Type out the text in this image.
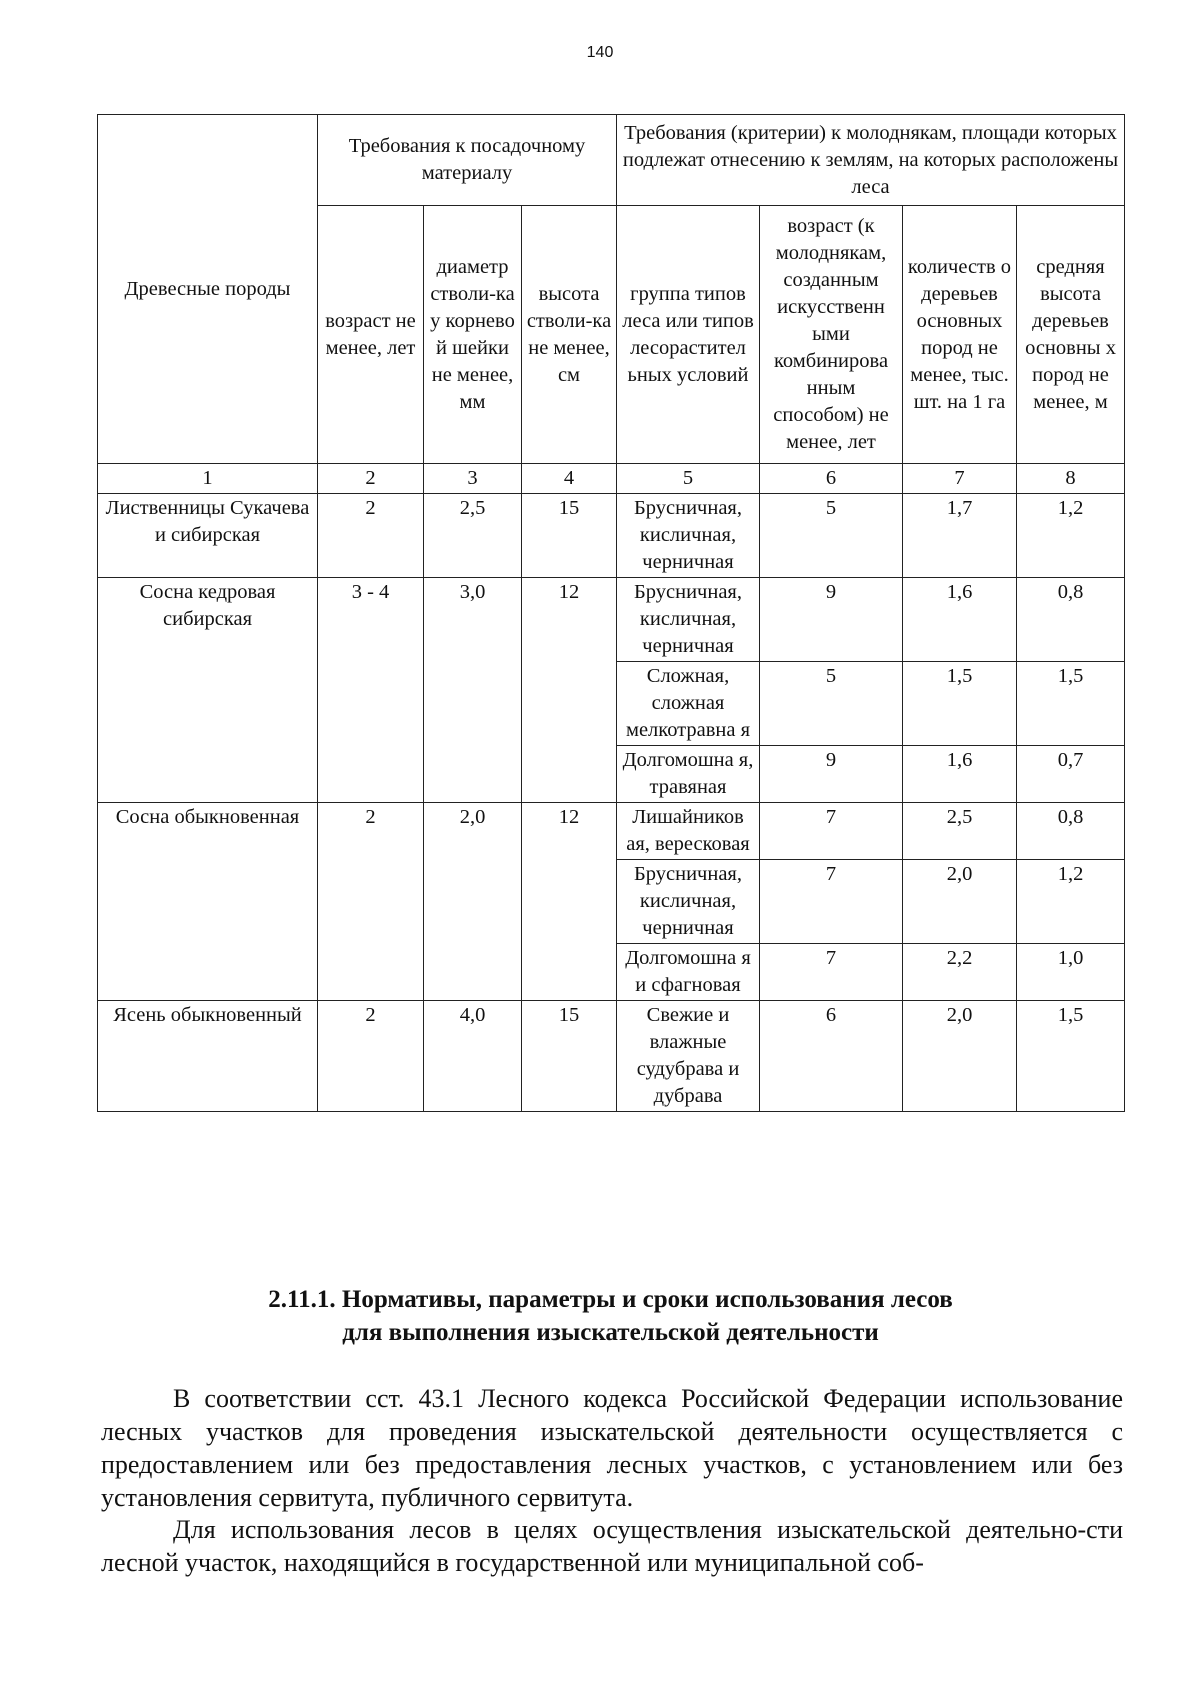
140
Древесные породы	Требования к посадочному материалу			Требования (критерии) к молоднякам, площади которых подлежат отнесению к землям, на которых расположены леса			
	возраст не менее, лет	диаметр стволи-ка у корнево й шейки не менее, мм	высота стволи-ка не менее, см	группа типов леса или типов лесорастител ьных условий	возраст (к молоднякам, созданным искусственн ыми комбинирова нным способом) не менее, лет	количеств о деревьев основных пород не менее, тыс. шт. на 1 га	средняя высота деревьев основны х пород не менее, м
1	2	3	4	5	6	7	8
Лиственницы Сукачева и сибирская	2	2,5	15	Брусничная, кисличная, черничная	5	1,7	1,2
Сосна кедровая сибирская	3 - 4	3,0	12	Брусничная, кисличная, черничная	9	1,6	0,8
				Сложная, сложная мелкотравна я	5	1,5	1,5
				Долгомошна я, травяная	9	1,6	0,7
Сосна обыкновенная	2	2,0	12	Лишайников ая, вересковая	7	2,5	0,8
				Брусничная, кисличная, черничная	7	2,0	1,2
				Долгомошна я и сфагновая	7	2,2	1,0
Ясень обыкновенный	2	4,0	15	Свежие и влажные судубрава и дубрава	6	2,0	1,5
2.11.1. Нормативы, параметры и сроки использования лесов
для выполнения изыскательской деятельности

В соответствии сст. 43.1 Лесного кодекса Российской Федерации использование лесных участков для проведения изыскательской деятельности осуществляется с предоставлением или без предоставления лесных участков, с установлением или без установления сервитута, публичного сервитута.

Для использования лесов в целях осуществления изыскательской деятельно-сти лесной участок, находящийся в государственной или муниципальной соб-
